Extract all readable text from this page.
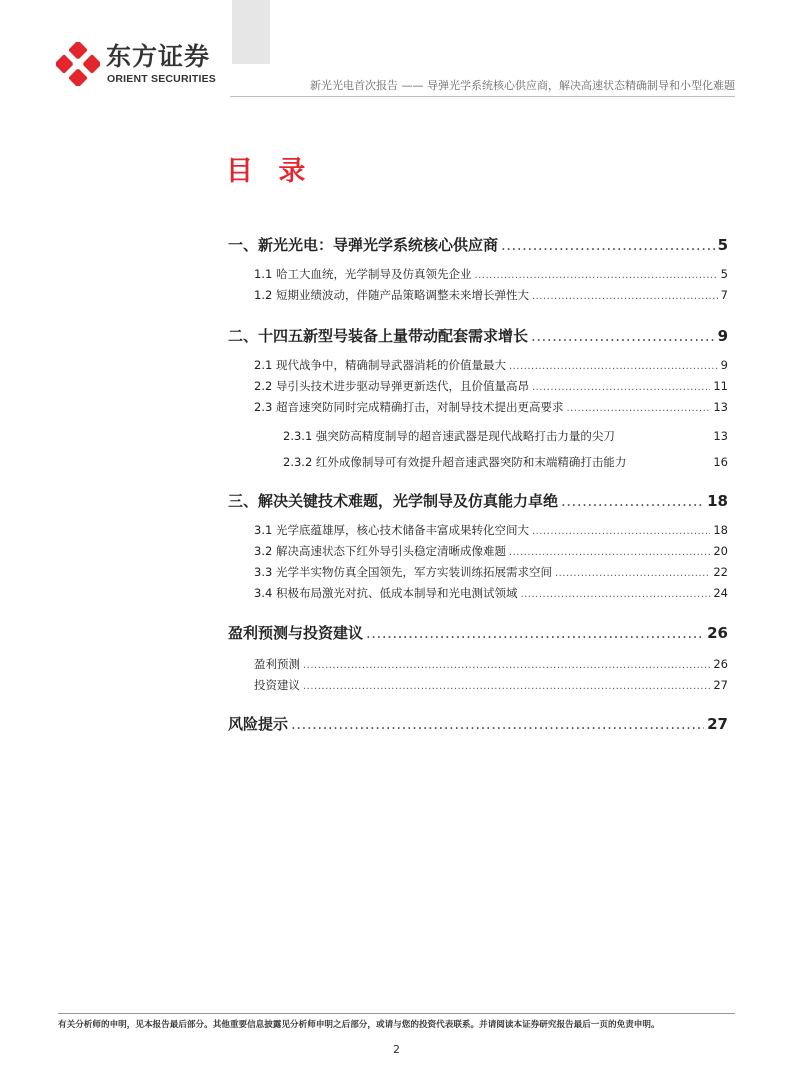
东方证券
ORIENT SECURITIES	新光光电首次报告 —— 导弹光学系统核心供应商，解决高速状态精确制导和小型化难题
目 录
一、新光光电：导弹光学系统核心供应商 .....	5
1.1 哈工大血统，光学制导及仿真领先企业 .....	5
1.2 短期业绩波动，伴随产品策略调整未来增长弹性大 .....	7
二、十四五新型号装备上量带动配套需求增长 .....	9
2.1 现代战争中，精确制导武器消耗的价值量最大 .....	9
2.2 导引头技术进步驱动导弹更新迭代，且价值量高昂 .....	11
2.3 超音速突防同时完成精确打击，对制导技术提出更高要求 .....	13
2.3.1 强突防高精度制导的超音速武器是现代战略打击力量的尖刀	13
2.3.2 红外成像制导可有效提升超音速武器突防和末端精确打击能力	16
三、解决关键技术难题，光学制导及仿真能力卓绝 .....	18
3.1 光学底蕴雄厚，核心技术储备丰富成果转化空间大 .....	18
3.2 解决高速状态下红外导引头稳定清晰成像难题 .....	20
3.3 光学半实物仿真全国领先，军方实装训练拓展需求空间 .....	22
3.4 积极布局激光对抗、低成本制导和光电测试领域 .....	24
盈利预测与投资建议 .....	26
盈利预测 .....	26
投资建议 .....	27
风险提示 .....	27
有关分析师的申明，见本报告最后部分。其他重要信息披露见分析师申明之后部分，或请与您的投资代表联系。并请阅读本证券研究报告最后一页的免责申明。
2
